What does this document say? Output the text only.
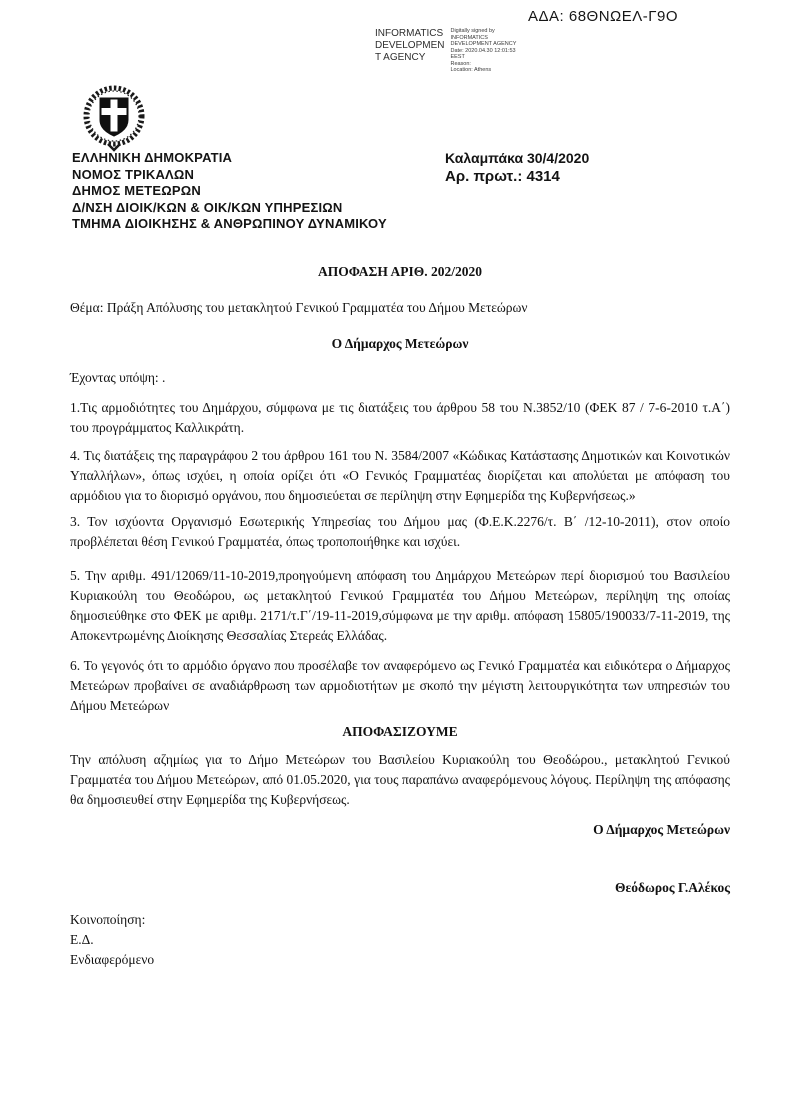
ΑΔΑ: 68ΘΝΩΕΛ-Γ9Ο
INFORMATICS
DEVELOPMEN
T AGENCY
Digitally signed by
INFORMATICS
DEVELOPMENT AGENCY
Date: 2020.04.30 12:01:53
EEST
Reason:
Location: Athens
ΕΛΛΗΝΙΚΗ ΔΗΜΟΚΡΑΤΙΑ
ΝΟΜΟΣ ΤΡΙΚΑΛΩΝ
ΔΗΜΟΣ ΜΕΤΕΩΡΩΝ
Δ/ΝΣΗ ΔΙΟΙΚ/ΚΩΝ & ΟΙΚ/ΚΩΝ ΥΠΗΡΕΣΙΩΝ
ΤΜΗΜΑ ΔΙΟΙΚΗΣΗΣ & ΑΝΘΡΩΠΙΝΟΥ ΔΥΝΑΜΙΚΟΥ
Καλαμπάκα 30/4/2020
Αρ. πρωτ.: 4314

ΑΠΟΦΑΣΗ ΑΡΙΘ. 202/2020

Θέμα: Πράξη Απόλυσης του μετακλητού Γενικού Γραμματέα του Δήμου Μετεώρων

Ο Δήμαρχος Μετεώρων

Έχοντας υπόψη: .

1.Τις αρμοδιότητες του Δημάρχου, σύμφωνα με τις διατάξεις του άρθρου 58 του Ν.3852/10 (ΦΕΚ 87 / 7-6-2010 τ.Α΄) του προγράμματος Καλλικράτη.

4. Τις διατάξεις της παραγράφου 2 του άρθρου 161 του Ν. 3584/2007 «Κώδικας Κατάστασης Δημοτικών και Κοινοτικών Υπαλλήλων», όπως ισχύει, η οποία ορίζει ότι «Ο Γενικός Γραμματέας διορίζεται και απολύεται με απόφαση του αρμόδιου για το διορισμό οργάνου, που δημοσιεύεται σε περίληψη στην Εφημερίδα της Κυβερνήσεως.»

3. Τον ισχύοντα Οργανισμό Εσωτερικής Υπηρεσίας του Δήμου μας (Φ.Ε.Κ.2276/τ. Β΄ /12-10-2011), στον οποίο προβλέπεται θέση Γενικού Γραμματέα, όπως τροποποιήθηκε και ισχύει.

5. Την αριθμ. 491/12069/11-10-2019,προηγούμενη απόφαση του Δημάρχου Μετεώρων περί διορισμού του Βασιλείου Κυριακούλη του Θεοδώρου, ως μετακλητού Γενικού Γραμματέα του Δήμου Μετεώρων, περίληψη της οποίας δημοσιεύθηκε στο ΦΕΚ με αριθμ. 2171/τ.Γ΄/19-11-2019,σύμφωνα με την αριθμ. απόφαση 15805/190033/7-11-2019, της Αποκεντρωμένης Διοίκησης Θεσσαλίας Στερεάς Ελλάδας.

6. Το γεγονός ότι το αρμόδιο όργανο που προσέλαβε τον αναφερόμενο ως Γενικό Γραμματέα και ειδικότερα ο Δήμαρχος Μετεώρων προβαίνει σε αναδιάρθρωση των αρμοδιοτήτων με σκοπό την μέγιστη λειτουργικότητα των υπηρεσιών του Δήμου Μετεώρων

ΑΠΟΦΑΣΙΖΟΥΜΕ

Την απόλυση αζημίως για το Δήμο Μετεώρων του Βασιλείου Κυριακούλη του Θεοδώρου., μετακλητού Γενικού Γραμματέα του Δήμου Μετεώρων, από 01.05.2020, για τους παραπάνω αναφερόμενους λόγους. Περίληψη της απόφασης θα δημοσιευθεί στην Εφημερίδα της Κυβερνήσεως.

Ο Δήμαρχος Μετεώρων

Θεόδωρος Γ.Αλέκος

Κοινοποίηση:
Ε.Δ.
Ενδιαφερόμενο
